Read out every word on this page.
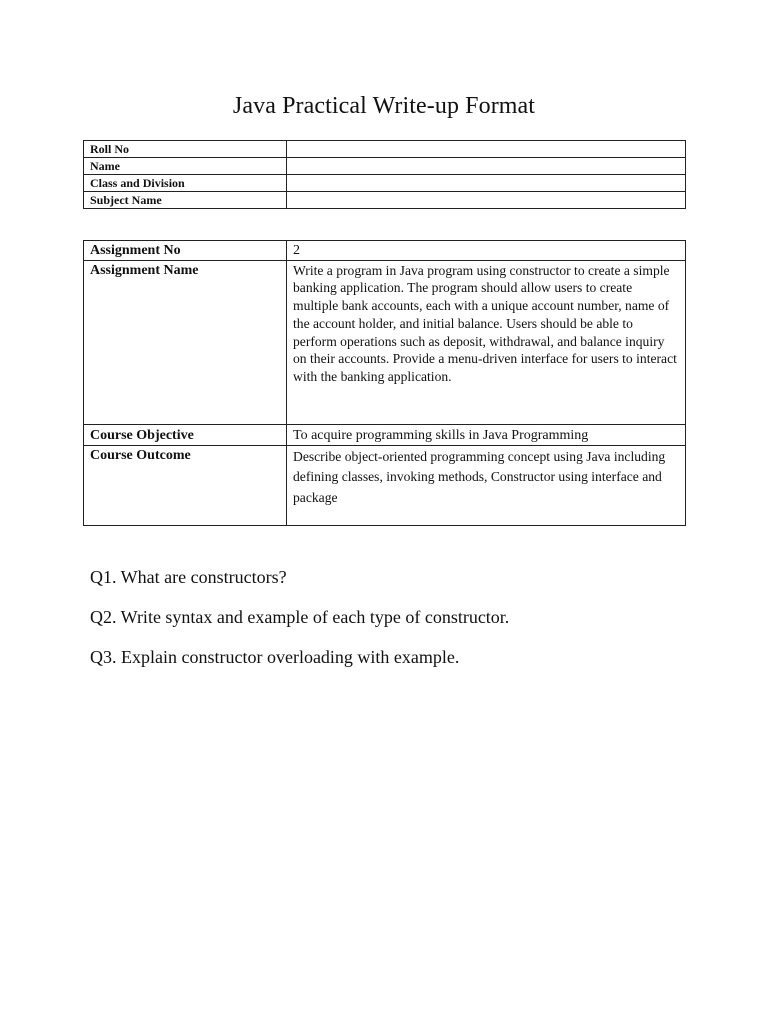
Java Practical Write-up Format
Roll No	
Name	
Class and Division	
Subject Name	
Assignment No	2
Assignment Name	Write a program in Java program using constructor to create a simple banking application. The program should allow users to create multiple bank accounts, each with a unique account number, name of the account holder, and initial balance. Users should be able to perform operations such as deposit, withdrawal, and balance inquiry on their accounts. Provide a menu-driven interface for users to interact with the banking application.
Course Objective	To acquire programming skills in Java Programming
Course Outcome	Describe object-oriented programming concept using Java including defining classes, invoking methods, Constructor using interface and package
Q1. What are constructors?
Q2. Write syntax and example of each type of constructor.
Q3. Explain constructor overloading with example.
